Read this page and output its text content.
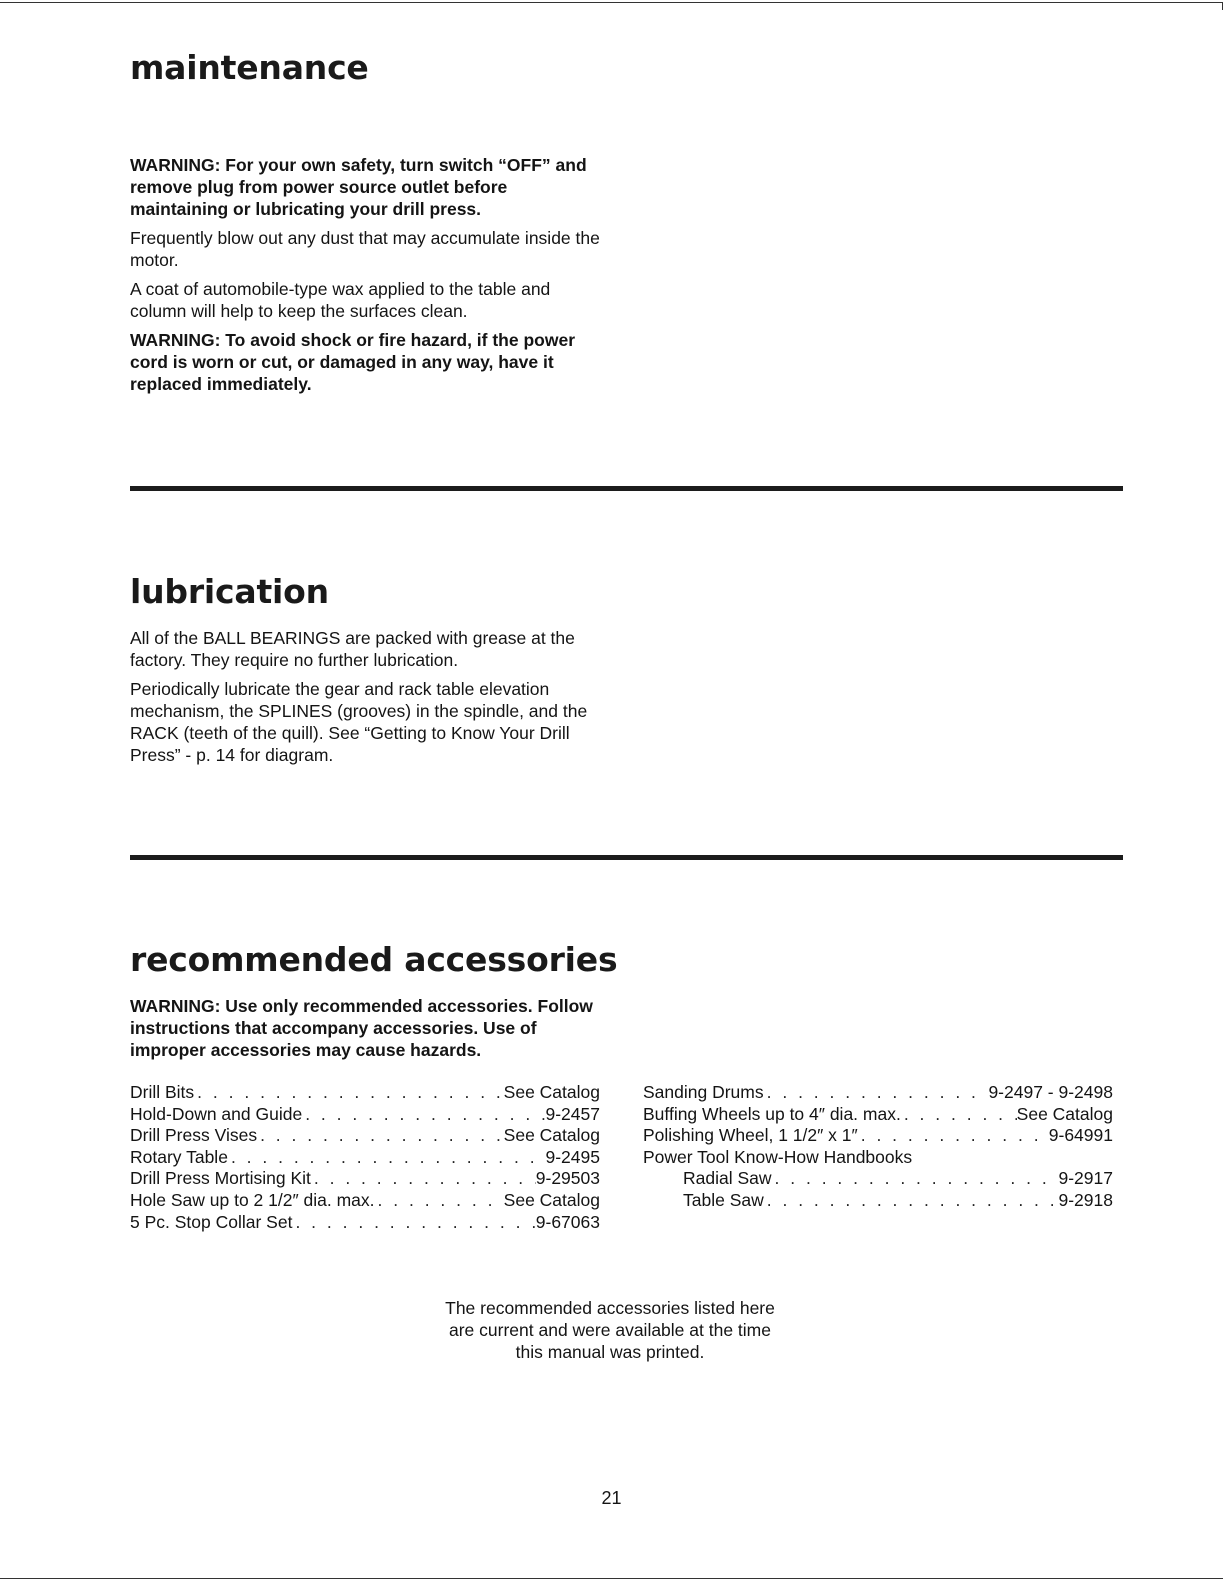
maintenance

WARNING: For your own safety, turn switch “OFF” and remove plug from power source outlet before maintaining or lubricating your drill press.

Frequently blow out any dust that may accumulate inside the motor.

A coat of automobile-type wax applied to the table and column will help to keep the surfaces clean.

WARNING: To avoid shock or fire hazard, if the power cord is worn or cut, or damaged in any way, have it replaced immediately.

lubrication

All of the BALL BEARINGS are packed with grease at the factory. They require no further lubrication.

Periodically lubricate the gear and rack table elevation mechanism, the SPLINES (grooves) in the spindle, and the RACK (teeth of the quill). See “Getting to Know Your Drill Press” - p. 14 for diagram.

recommended accessories

WARNING: Use only recommended accessories. Follow instructions that accompany accessories. Use of improper accessories may cause hazards.

Drill Bits . . .	See Catalog
Hold-Down and Guide . . .	9-2457
Drill Press Vises . . .	See Catalog
Rotary Table . . .	9-2495
Drill Press Mortising Kit . . .	9-29503
Hole Saw up to 2 1/2″ dia. max. . . .	See Catalog
5 Pc. Stop Collar Set . . .	9-67063
Sanding Drums . . .	9-2497 - 9-2498
Buffing Wheels up to 4″ dia. max. . . .	See Catalog
Polishing Wheel, 1 1/2″ x 1″ . . .	9-64991
Power Tool Know-How Handbooks
Radial Saw . . .	9-2917
Table Saw . . .	9-2918
The recommended accessories listed here
are current and were available at the time
this manual was printed.
21
